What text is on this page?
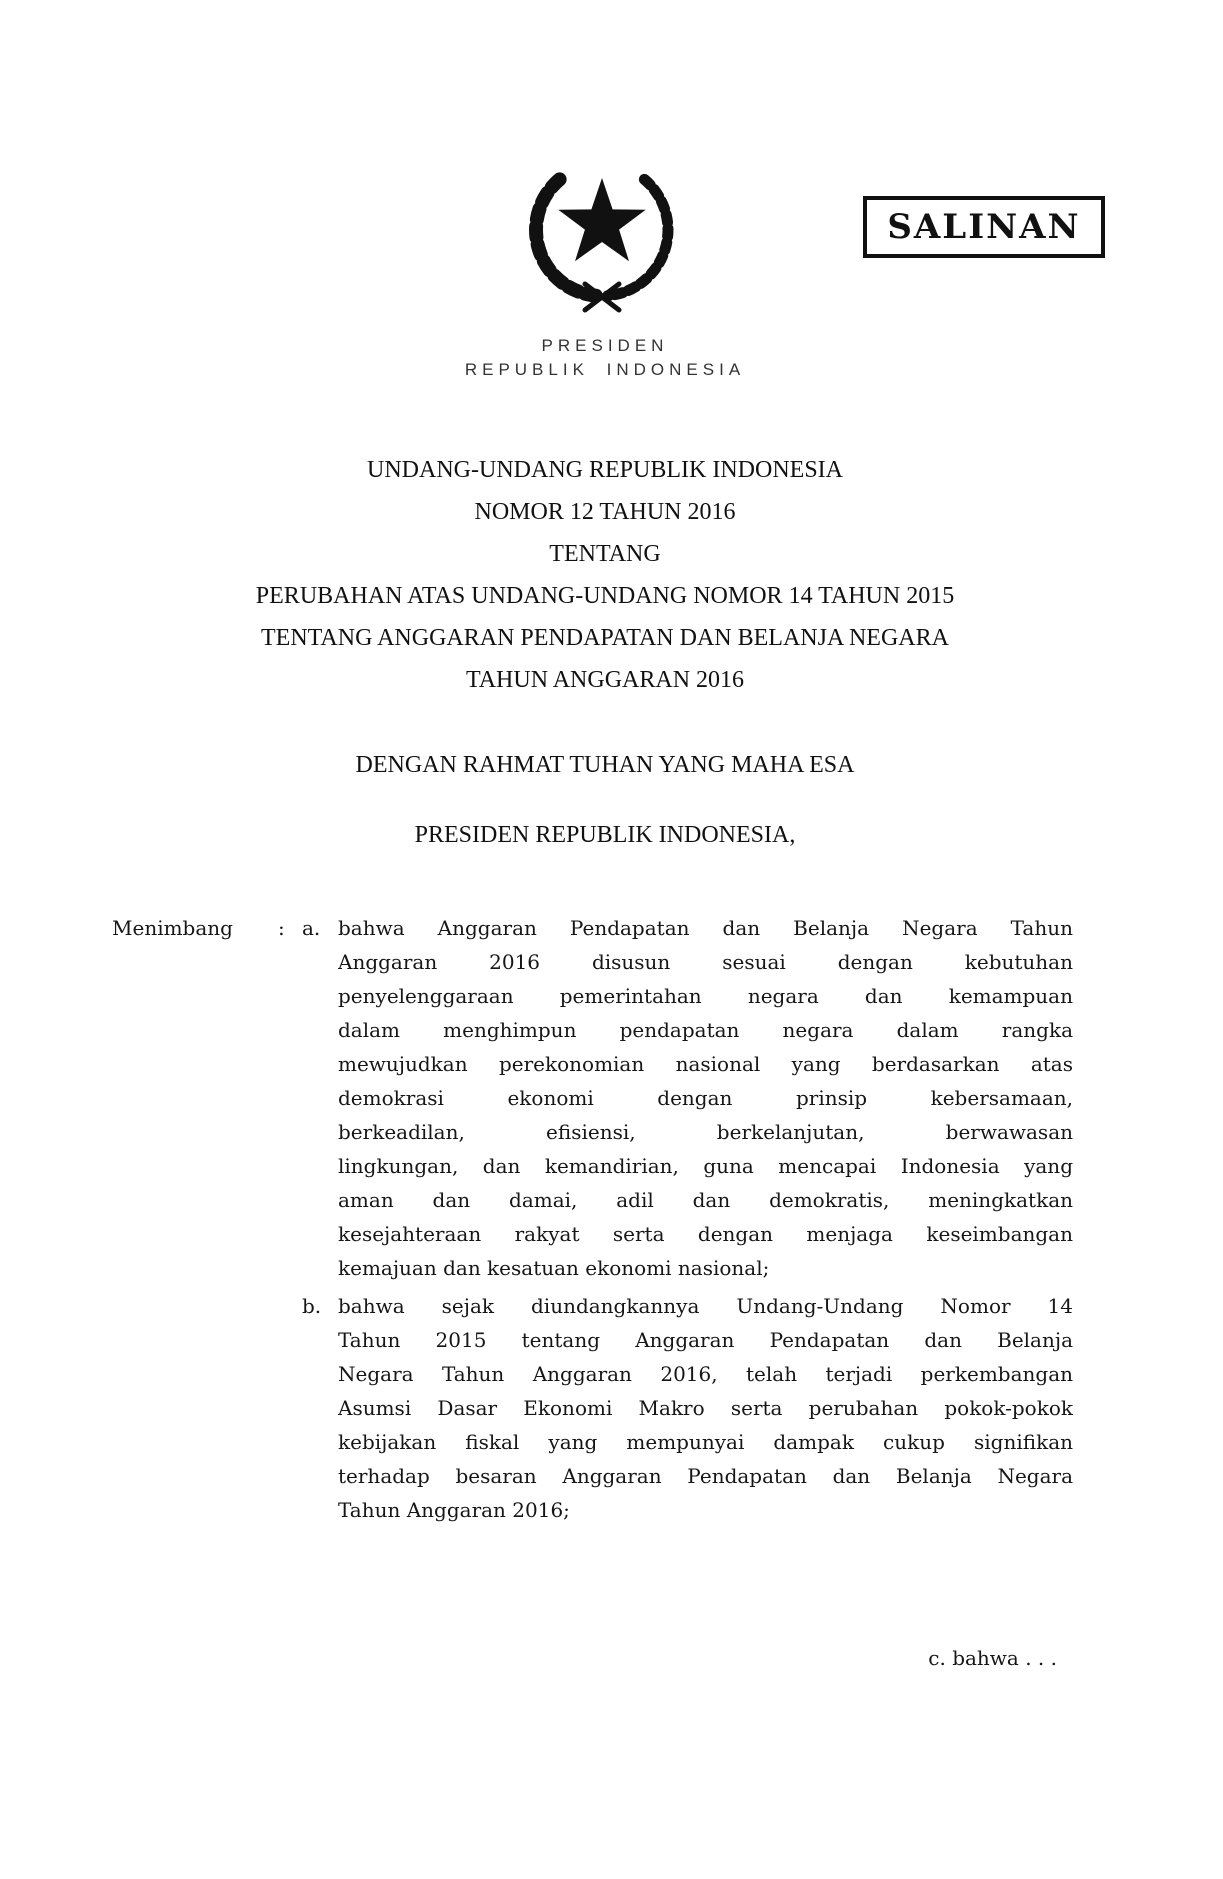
SALINAN
PRESIDEN
REPUBLIK INDONESIA
UNDANG-UNDANG REPUBLIK INDONESIA
NOMOR 12 TAHUN 2016
TENTANG
PERUBAHAN ATAS UNDANG-UNDANG NOMOR 14 TAHUN 2015
TENTANG ANGGARAN PENDAPATAN DAN BELANJA NEGARA
TAHUN ANGGARAN 2016
DENGAN RAHMAT TUHAN YANG MAHA ESA
PRESIDEN REPUBLIK INDONESIA,
Menimbang	: a. bahwa Anggaran Pendapatan dan Belanja Negara Tahun
Anggaran 2016 disusun sesuai dengan kebutuhan
penyelenggaraan pemerintahan negara dan kemampuan
dalam menghimpun pendapatan negara dalam rangka
mewujudkan perekonomian nasional yang berdasarkan atas
demokrasi ekonomi dengan prinsip kebersamaan,
berkeadilan, efisiensi, berkelanjutan, berwawasan
lingkungan, dan kemandirian, guna mencapai Indonesia yang
aman dan damai, adil dan demokratis, meningkatkan
kesejahteraan rakyat serta dengan menjaga keseimbangan
kemajuan dan kesatuan ekonomi nasional;
b. bahwa sejak diundangkannya Undang-Undang Nomor 14
Tahun 2015 tentang Anggaran Pendapatan dan Belanja
Negara Tahun Anggaran 2016, telah terjadi perkembangan
Asumsi Dasar Ekonomi Makro serta perubahan pokok-pokok
kebijakan fiskal yang mempunyai dampak cukup signifikan
terhadap besaran Anggaran Pendapatan dan Belanja Negara
Tahun Anggaran 2016;
c. bahwa . . .
